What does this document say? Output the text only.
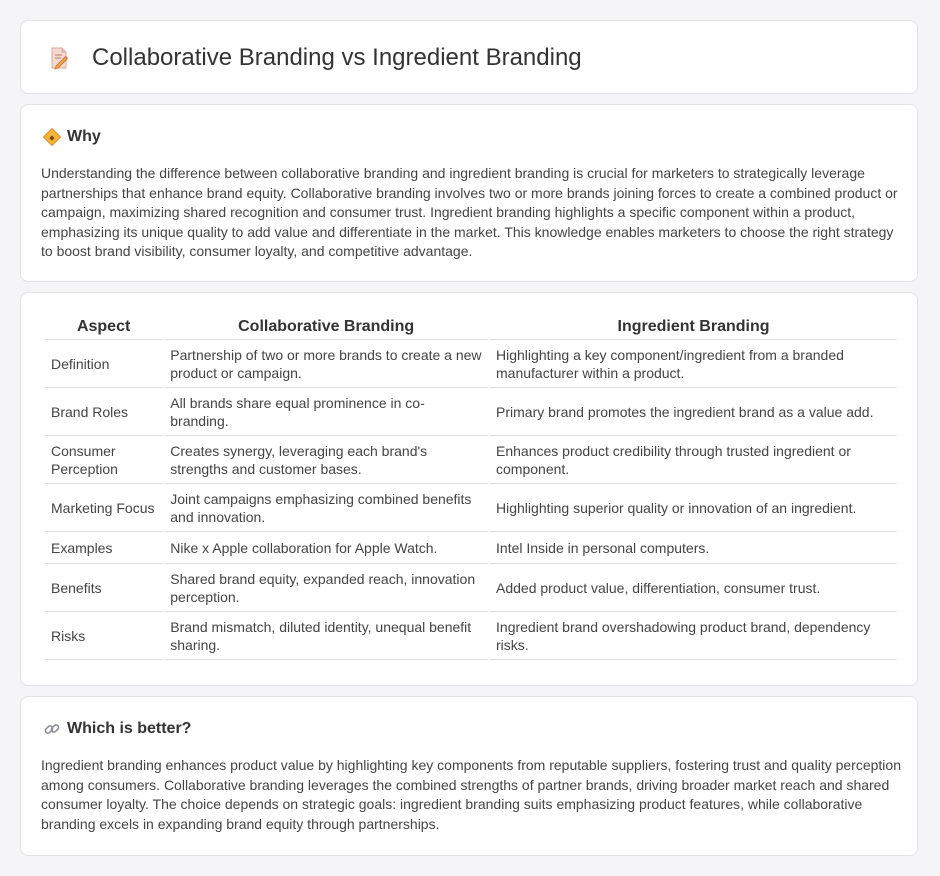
Collaborative Branding vs Ingredient Branding
◆ Why

Understanding the difference between collaborative branding and ingredient branding is crucial for marketers to strategically leverage partnerships that enhance brand equity. Collaborative branding involves two or more brands joining forces to create a combined product or campaign, maximizing shared recognition and consumer trust. Ingredient branding highlights a specific component within a product, emphasizing its unique quality to add value and differentiate in the market. This knowledge enables marketers to choose the right strategy to boost brand visibility, consumer loyalty, and competitive advantage.

Aspect	Collaborative Branding	Ingredient Branding
Definition	Partnership of two or more brands to create a new product or campaign.	Highlighting a key component/ingredient from a branded manufacturer within a product.
Brand Roles	All brands share equal prominence in co-branding.	Primary brand promotes the ingredient brand as a value add.
Consumer Perception	Creates synergy, leveraging each brand's strengths and customer bases.	Enhances product credibility through trusted ingredient or component.
Marketing Focus	Joint campaigns emphasizing combined benefits and innovation.	Highlighting superior quality or innovation of an ingredient.
Examples	Nike x Apple collaboration for Apple Watch.	Intel Inside in personal computers.
Benefits	Shared brand equity, expanded reach, innovation perception.	Added product value, differentiation, consumer trust.
Risks	Brand mismatch, diluted identity, unequal benefit sharing.	Ingredient brand overshadowing product brand, dependency risks.
Which is better?

Ingredient branding enhances product value by highlighting key components from reputable suppliers, fostering trust and quality perception among consumers. Collaborative branding leverages the combined strengths of partner brands, driving broader market reach and shared consumer loyalty. The choice depends on strategic goals: ingredient branding suits emphasizing product features, while collaborative branding excels in expanding brand equity through partnerships.
